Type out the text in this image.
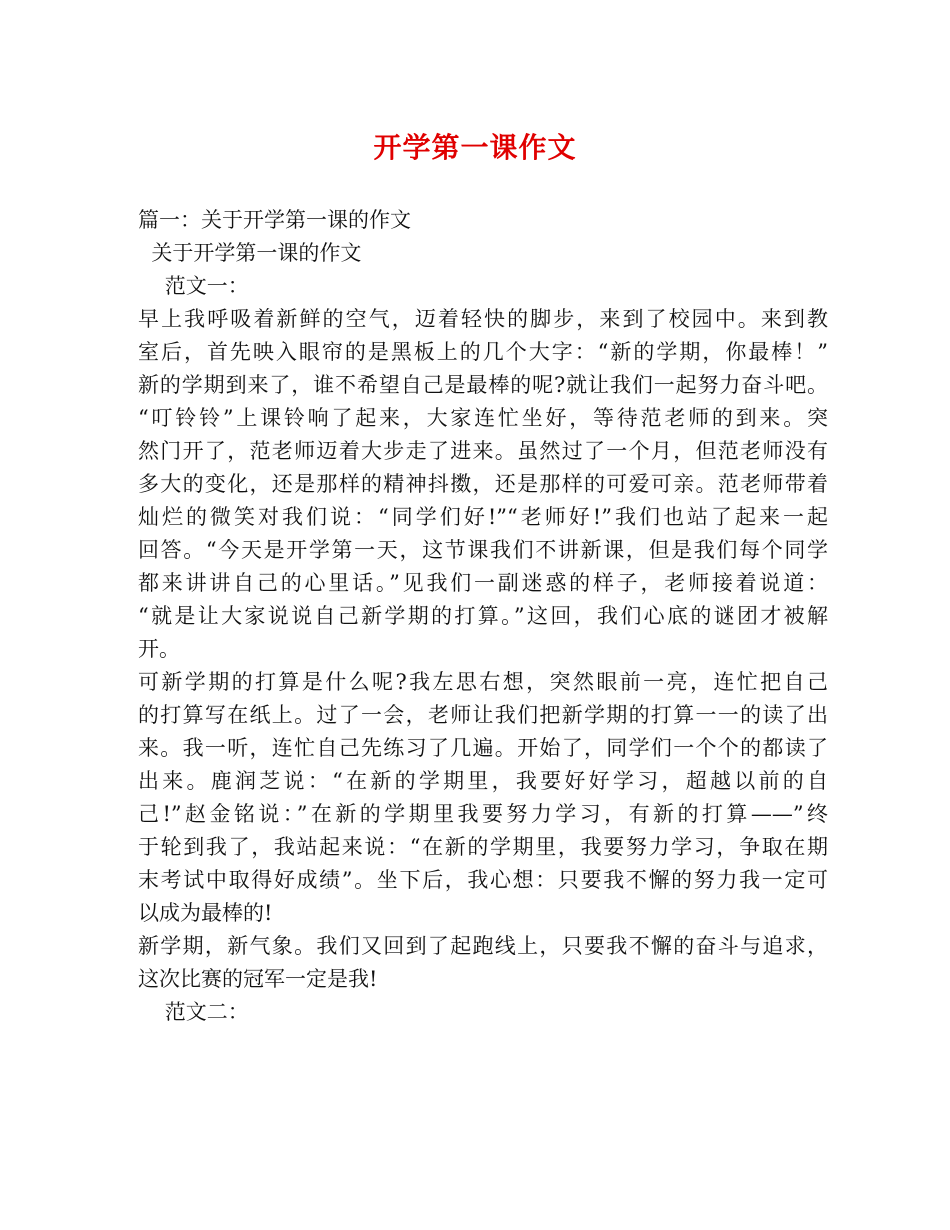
开学第一课作文
篇一：关于开学第一课的作文
关于开学第一课的作文
范文一：
早上我呼吸着新鲜的空气，迈着轻快的脚步，来到了校园中。来到教
室后，首先映入眼帘的是黑板上的几个大字：“新的学期，你最棒！”
新的学期到来了，谁不希望自己是最棒的呢?就让我们一起努力奋斗吧。
“叮铃铃”上课铃响了起来，大家连忙坐好，等待范老师的到来。突
然门开了，范老师迈着大步走了进来。虽然过了一个月，但范老师没有
多大的变化，还是那样的精神抖擞，还是那样的可爱可亲。范老师带着
灿烂的微笑对我们说：“同学们好!”“老师好!”我们也站了起来一起
回答。“今天是开学第一天，这节课我们不讲新课，但是我们每个同学
都来讲讲自己的心里话。”见我们一副迷惑的样子，老师接着说道：
“就是让大家说说自己新学期的打算。”这回，我们心底的谜团才被解
开。
可新学期的打算是什么呢?我左思右想，突然眼前一亮，连忙把自己
的打算写在纸上。过了一会，老师让我们把新学期的打算一一的读了出
来。我一听，连忙自己先练习了几遍。开始了，同学们一个个的都读了
出来。鹿润芝说：“在新的学期里，我要好好学习，超越以前的自
己!”赵金铭说：”在新的学期里我要努力学习，有新的打算——”终
于轮到我了，我站起来说：“在新的学期里，我要努力学习，争取在期
末考试中取得好成绩”。坐下后，我心想：只要我不懈的努力我一定可
以成为最棒的!
新学期，新气象。我们又回到了起跑线上，只要我不懈的奋斗与追求，
这次比赛的冠军一定是我!
范文二：
